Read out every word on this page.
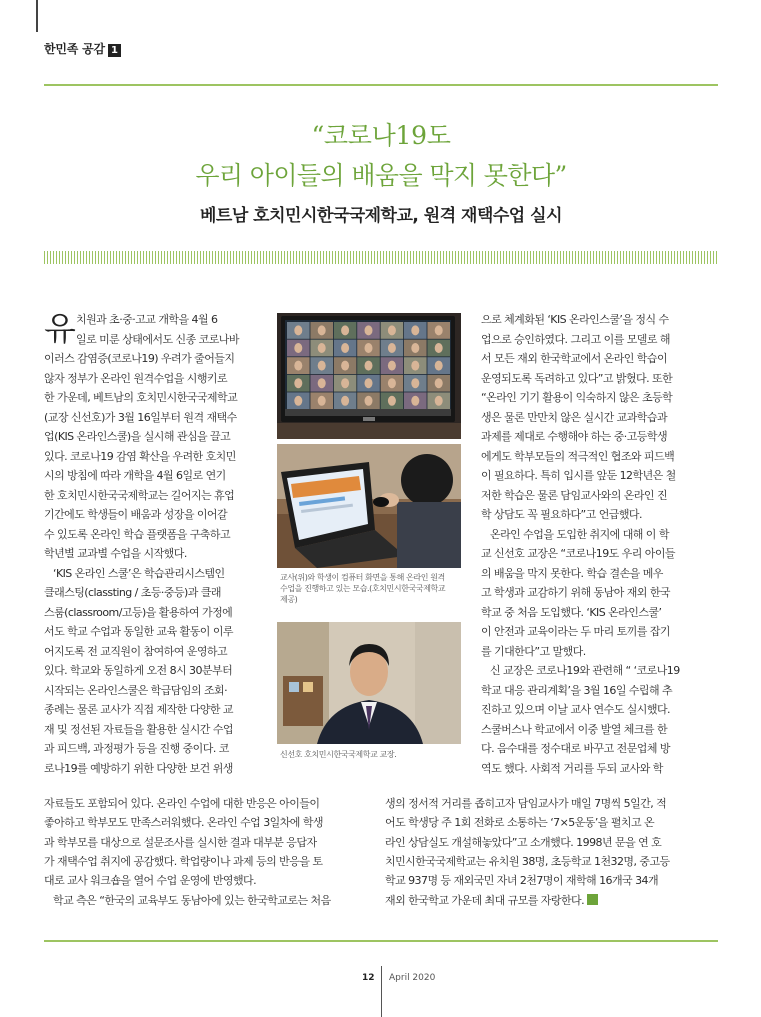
한민족 공감 1
“코로나19도
우리 아이들의 배움을 막지 못한다”
베트남 호치민시한국국제학교, 원격 재택수업 실시
유 치원과 초·중·고교 개학을 4월 6
일로 미룬 상태에서도 신종 코로나바
이러스 감염증(코로나19) 우려가 줄어들지
않자 정부가 온라인 원격수업을 시행키로
한 가운데, 베트남의 호치민시한국국제학교
(교장 신선호)가 3월 16일부터 원격 재택수
업(KIS 온라인스쿨)을 실시해 관심을 끌고
있다. 코로나19 감염 확산을 우려한 호치민
시의 방침에 따라 개학을 4월 6일로 연기
한 호치민시한국국제학교는 길어지는 휴업
기간에도 학생들이 배움과 성장을 이어갈
수 있도록 온라인 학습 플랫폼을 구축하고
학년별 교과별 수업을 시작했다.
‘KIS 온라인 스쿨’은 학습관리시스템인
클래스팅(classting / 초등·중등)과 클래
스룸(classroom/고등)을 활용하여 가정에
서도 학교 수업과 동일한 교육 활동이 이루
어지도록 전 교직원이 참여하여 운영하고
있다. 학교와 동일하게 오전 8시 30분부터
시작되는 온라인스쿨은 학급담임의 조회·
종례는 물론 교사가 직접 제작한 다양한 교
재 및 정선된 자료들을 활용한 실시간 수업
과 피드백, 과정평가 등을 진행 중이다. 코
로나19를 예방하기 위한 다양한 보건 위생
자료들도 포함되어 있다. 온라인 수업에 대한 반응은 아이들이
좋아하고 학부모도 만족스러워했다. 온라인 수업 3일차에 학생
과 학부모를 대상으로 설문조사를 실시한 결과 대부분 응답자
가 재택수업 취지에 공감했다. 학업량이나 과제 등의 반응을 토
대로 교사 워크숍을 열어 수업 운영에 반영했다.
학교 측은 “한국의 교육부도 동남아에 있는 한국학교로는 처음
으로 체계화된 ‘KIS 온라인스쿨’을 정식 수
업으로 승인하였다. 그리고 이를 모델로 해
서 모든 재외 한국학교에서 온라인 학습이
운영되도록 독려하고 있다”고 밝혔다. 또한
“온라인 기기 활용이 익숙하지 않은 초등학
생은 물론 만만치 않은 실시간 교과학습과
과제를 제대로 수행해야 하는 중·고등학생
에게도 학부모들의 적극적인 협조와 피드백
이 필요하다. 특히 입시를 앞둔 12학년은 철
저한 학습은 물론 담임교사와의 온라인 진
학 상담도 꼭 필요하다”고 언급했다.
온라인 수업을 도입한 취지에 대해 이 학
교 신선호 교장은 “코로나19도 우리 아이들
의 배움을 막지 못한다. 학습 결손을 메우
고 학생과 교감하기 위해 동남아 재외 한국
학교 중 처음 도입했다. ‘KIS 온라인스쿨’
이 안전과 교육이라는 두 마리 토끼를 잡기
를 기대한다”고 말했다.
신 교장은 코로나19와 관련해 “ ‘코로나19
학교 대응 관리계획’을 3월 16일 수립해 추
진하고 있으며 이날 교사 연수도 실시했다.
스쿨버스나 학교에서 이중 발열 체크를 한
다. 음수대를 정수대로 바꾸고 전문업체 방
역도 했다. 사회적 거리를 두되 교사와 학
생의 정서적 거리를 좁히고자 담임교사가 매일 7명씩 5일간, 적
어도 학생당 주 1회 전화로 소통하는 ‘7×5운동’을 펼치고 온
라인 상담실도 개설해놓았다”고 소개했다. 1998년 문을 연 호
치민시한국국제학교는 유치원 38명, 초등학교 1천32명, 중고등
학교 937명 등 재외국민 자녀 2천7명이 재학해 16개국 34개
재외 한국학교 가운데 최대 규모를 자랑한다.
교사(위)와 학생이 컴퓨터 화면을 통해 온라인 원격
수업을 진행하고 있는 모습.(호치민시한국국제학교
제공)
신선호 호치민시한국국제학교 교장.
12 April 2020
